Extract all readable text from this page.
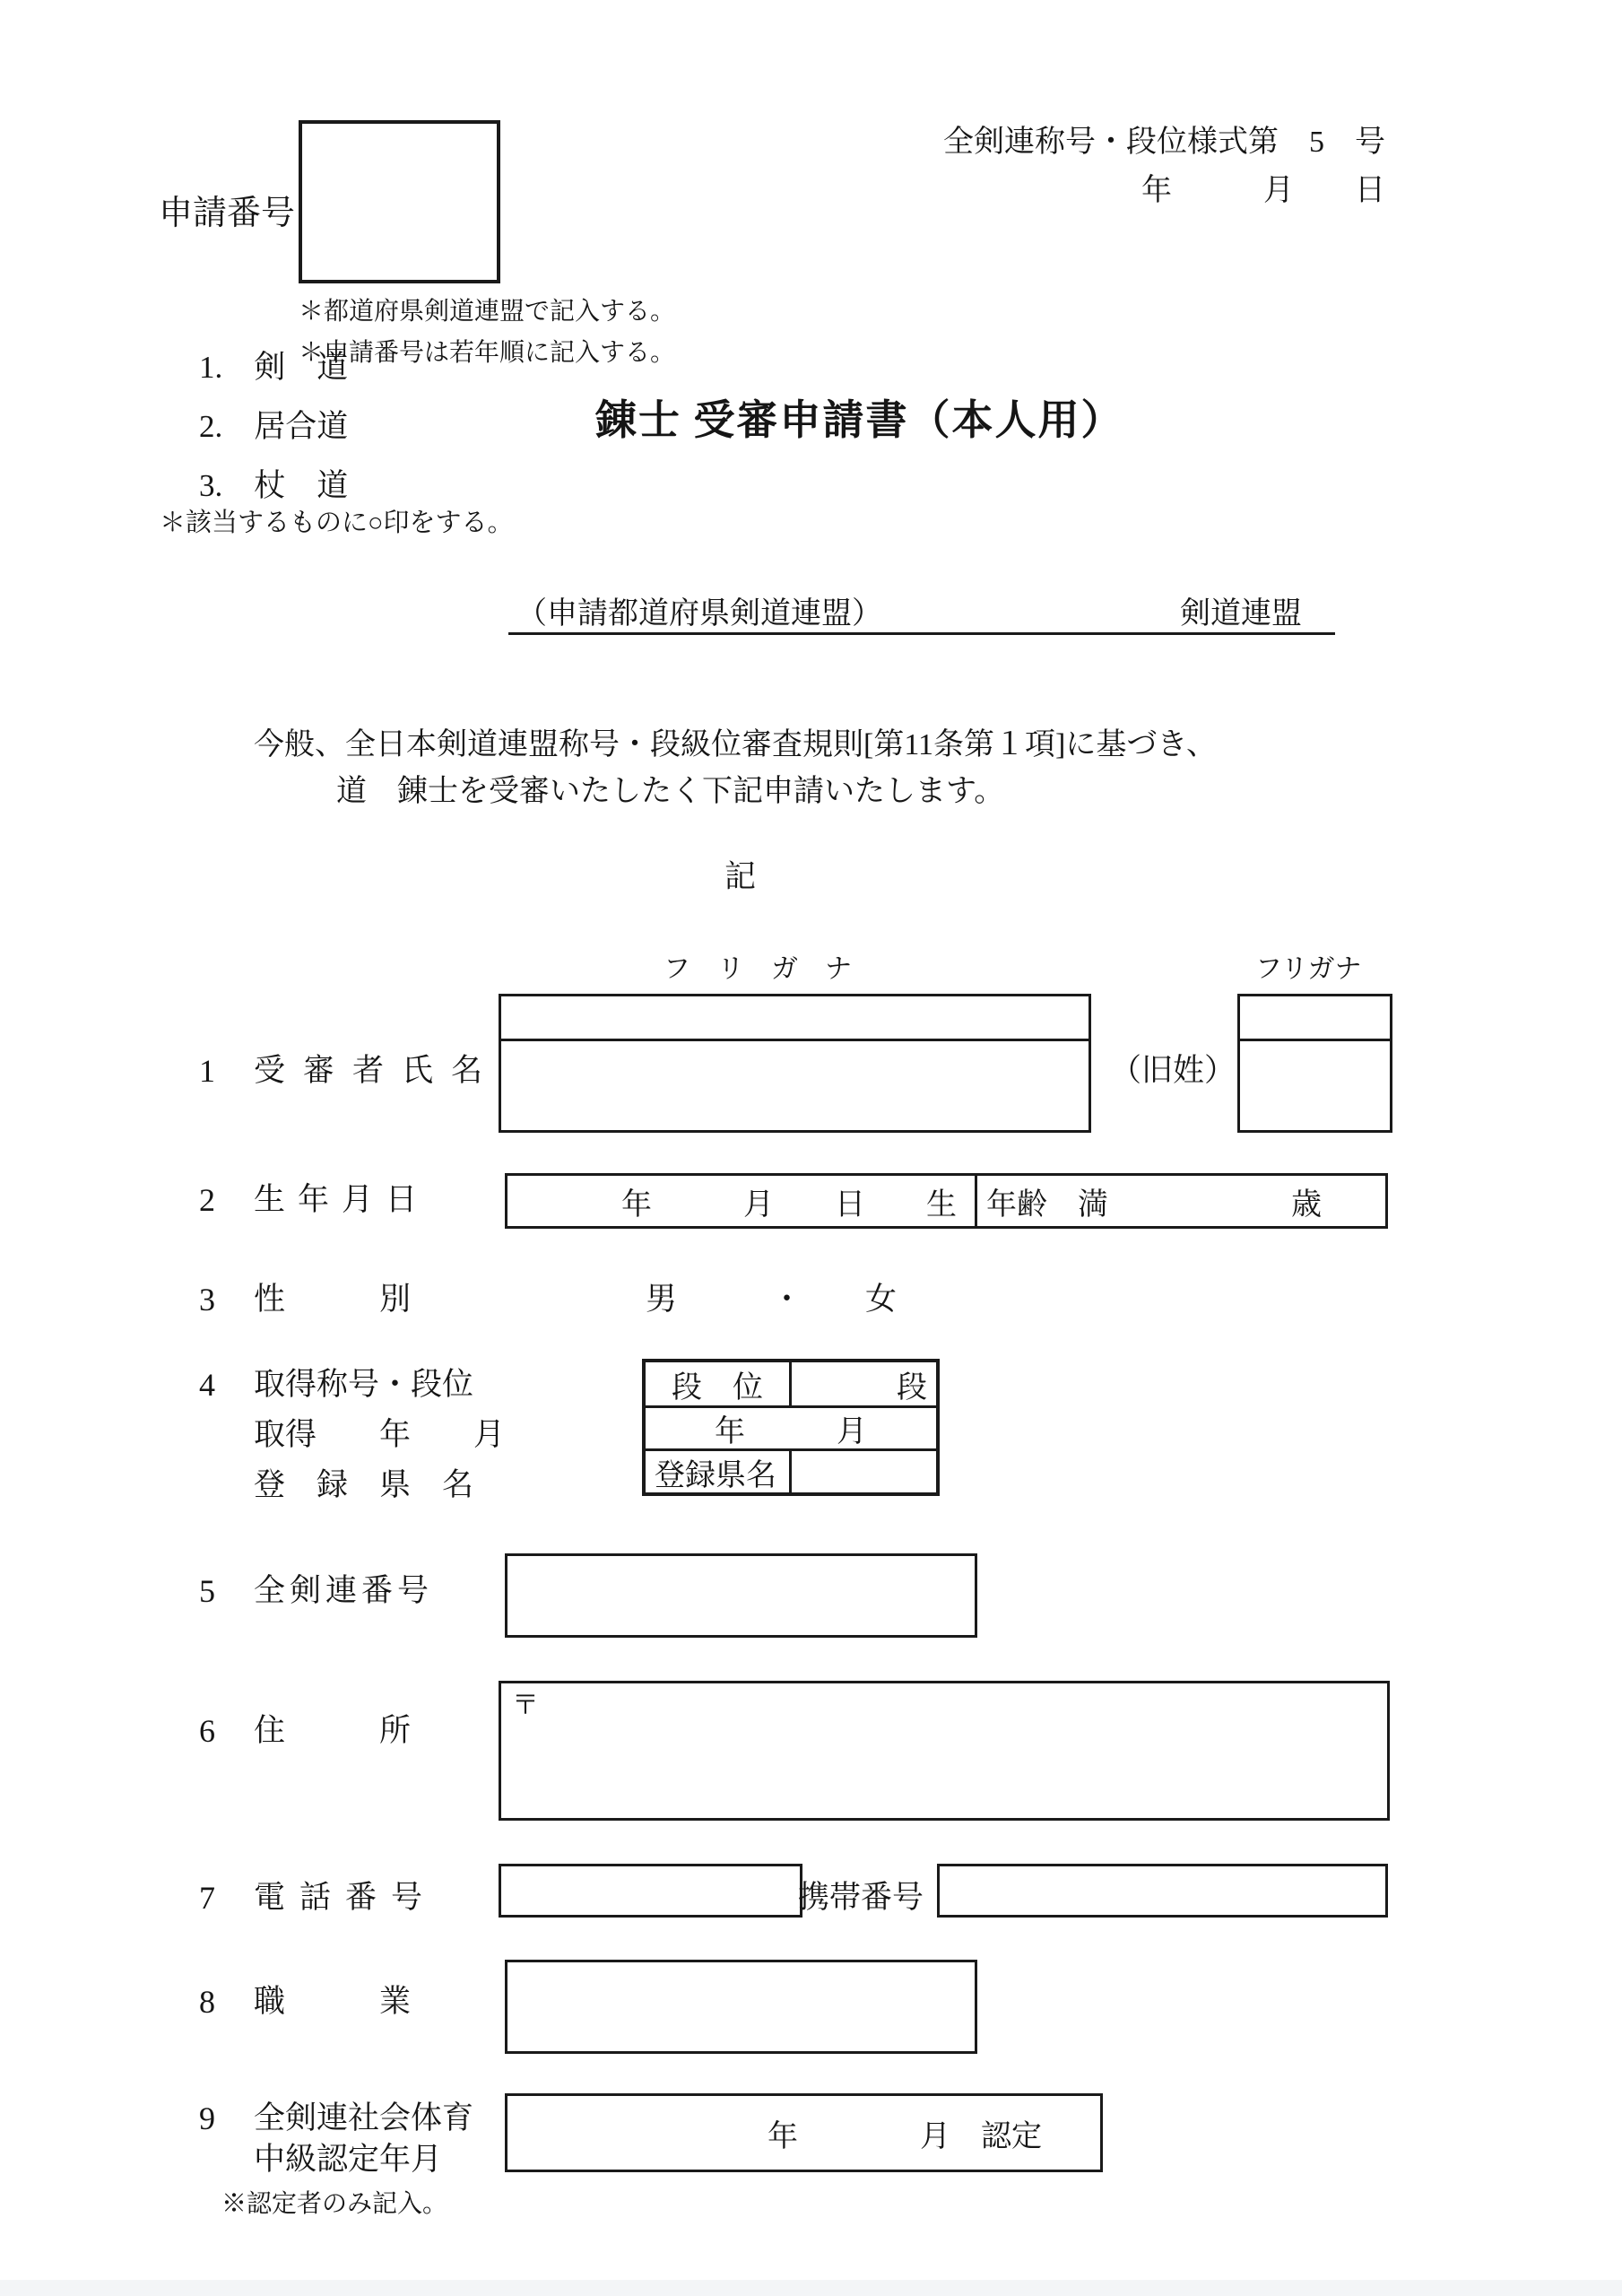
全剣連称号・段位様式第　5　号
年　　　月　　日
申請番号
＊都道府県剣道連盟で記入する。
＊申請番号は若年順に記入する。
1.　剣　道
2.　居合道
3.　杖　道
＊該当するものに○印をする。
錬士 受審申請書（本人用）
（申請都道府県剣道連盟）	剣道連盟
今般、全日本剣道連盟称号・段級位審査規則[第11条第１項]に基づき、
道　錬士を受審いたしたく下記申請いたします。
記
フ　リ　ガ　ナ	フリガナ
1 受審者氏名	（旧姓）
2 生年月日	年　　　月　　日　　生 年齢　満　　　　　　歳
3 性　　　別	男　　　・　　女
4 取得称号・段位
取得　　年　　月
登　録　県　名
段　位	段
年　　　月
登録県名
5 全剣連番号
6 住　　　所
〒
7 電話番号	携帯番号
8 職　　　業
9 全剣連社会体育
中級認定年月
年　　　　月　認定
※認定者のみ記入。
